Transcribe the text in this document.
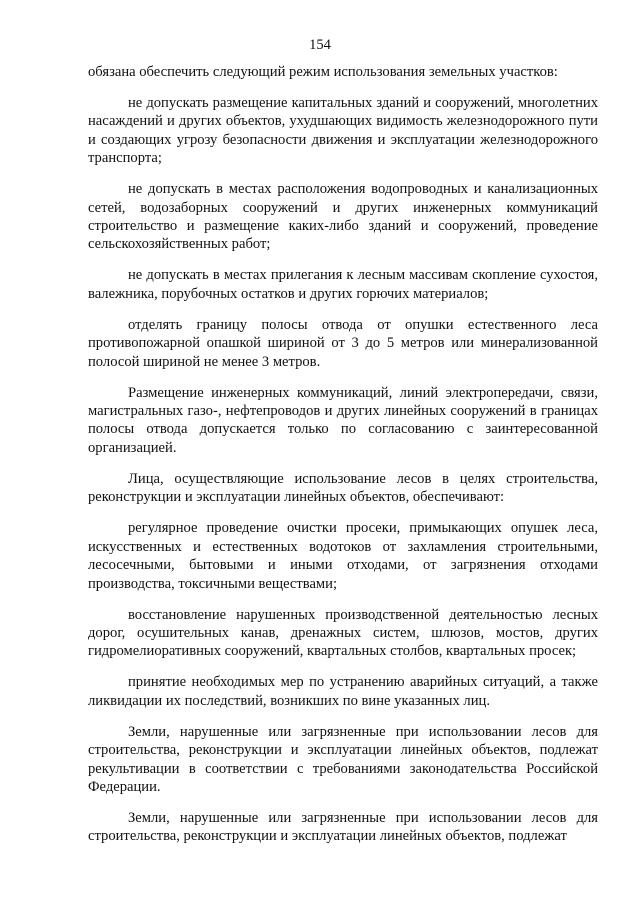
154

обязана обеспечить следующий режим использования земельных участков:

не допускать размещение капитальных зданий и сооружений, многолетних насаждений и других объектов, ухудшающих видимость железнодорожного пути и создающих угрозу безопасности движения и эксплуатации железнодорожного транспорта;

не допускать в местах расположения водопроводных и канализационных сетей, водозаборных сооружений и других инженерных коммуникаций строительство и размещение каких-либо зданий и сооружений, проведение сельскохозяйственных работ;

не допускать в местах прилегания к лесным массивам скопление сухостоя, валежника, порубочных остатков и других горючих материалов;

отделять границу полосы отвода от опушки естественного леса противопожарной опашкой шириной от 3 до 5 метров или минерализованной полосой шириной не менее 3 метров.

Размещение инженерных коммуникаций, линий электропередачи, связи, магистральных газо-, нефтепроводов и других линейных сооружений в границах полосы отвода допускается только по согласованию с заинтересованной организацией.

Лица, осуществляющие использование лесов в целях строительства, реконструкции и эксплуатации линейных объектов, обеспечивают:

регулярное проведение очистки просеки, примыкающих опушек леса, искусственных и естественных водотоков от захламления строительными, лесосечными, бытовыми и иными отходами, от загрязнения отходами производства, токсичными веществами;

восстановление нарушенных производственной деятельностью лесных дорог, осушительных канав, дренажных систем, шлюзов, мостов, других гидромелиоративных сооружений, квартальных столбов, квартальных просек;

принятие необходимых мер по устранению аварийных ситуаций, а также ликвидации их последствий, возникших по вине указанных лиц.

Земли, нарушенные или загрязненные при использовании лесов для строительства, реконструкции и эксплуатации линейных объектов, подлежат рекультивации в соответствии с требованиями законодательства Российской Федерации.

Земли, нарушенные или загрязненные при использовании лесов для строительства, реконструкции и эксплуатации линейных объектов, подлежат
